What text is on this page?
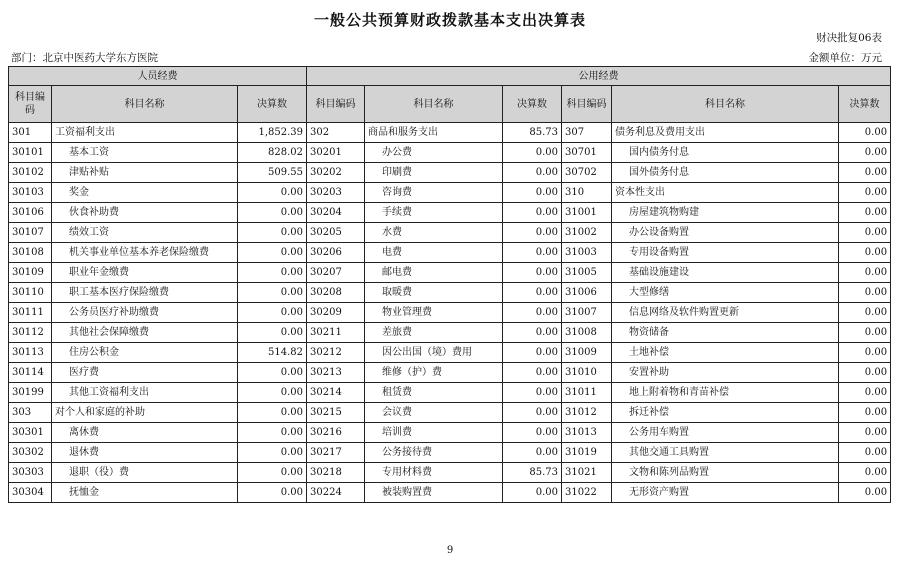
一般公共预算财政拨款基本支出决算表
财决批复06表
部门：北京中医药大学东方医院	金额单位：万元
人员经费			公用经费					
科目编码	科目名称	决算数	科目编码	科目名称	决算数	科目编码	科目名称	决算数
301	工资福利支出	1,852.39	302	商品和服务支出	85.73	307	债务利息及费用支出	0.00
30101	基本工资	828.02	30201	办公费	0.00	30701	国内债务付息	0.00
30102	津贴补贴	509.55	30202	印刷费	0.00	30702	国外债务付息	0.00
30103	奖金	0.00	30203	咨询费	0.00	310	资本性支出	0.00
30106	伙食补助费	0.00	30204	手续费	0.00	31001	房屋建筑物购建	0.00
30107	绩效工资	0.00	30205	水费	0.00	31002	办公设备购置	0.00
30108	机关事业单位基本养老保险缴费	0.00	30206	电费	0.00	31003	专用设备购置	0.00
30109	职业年金缴费	0.00	30207	邮电费	0.00	31005	基础设施建设	0.00
30110	职工基本医疗保险缴费	0.00	30208	取暖费	0.00	31006	大型修缮	0.00
30111	公务员医疗补助缴费	0.00	30209	物业管理费	0.00	31007	信息网络及软件购置更新	0.00
30112	其他社会保障缴费	0.00	30211	差旅费	0.00	31008	物资储备	0.00
30113	住房公积金	514.82	30212	因公出国（境）费用	0.00	31009	土地补偿	0.00
30114	医疗费	0.00	30213	维修（护）费	0.00	31010	安置补助	0.00
30199	其他工资福利支出	0.00	30214	租赁费	0.00	31011	地上附着物和青苗补偿	0.00
303	对个人和家庭的补助	0.00	30215	会议费	0.00	31012	拆迁补偿	0.00
30301	离休费	0.00	30216	培训费	0.00	31013	公务用车购置	0.00
30302	退休费	0.00	30217	公务接待费	0.00	31019	其他交通工具购置	0.00
30303	退职（役）费	0.00	30218	专用材料费	85.73	31021	文物和陈列品购置	0.00
30304	抚恤金	0.00	30224	被装购置费	0.00	31022	无形资产购置	0.00
9
